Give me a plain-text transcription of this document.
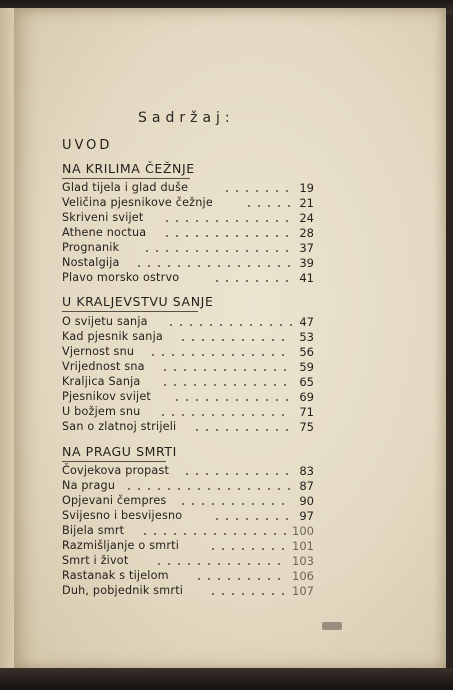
Sadržaj:
UVOD
NA KRILIMA ČEŽNJE
Glad tijela i glad duše	19
Veličina pjesnikove čežnje	21
Skriveni svijet	24
Athene noctua	28
Prognanik	37
Nostalgija	39
Plavo morsko ostrvo	41
U KRALJEVSTVU SANJE
O svijetu sanja	47
Kad pjesnik sanja	53
Vjernost snu	56
Vrijednost sna	59
Kraljica Sanja	65
Pjesnikov svijet	69
U božjem snu	71
San o zlatnoj strijeli	75
NA PRAGU SMRTI
Čovjekova propast	83
Na pragu	87
Opjevani čempres	90
Svijesno i besvijesno	97
Bijela smrt	100
Razmišljanje o smrti	101
Smrt i život	103
Rastanak s tijelom	106
Duh, pobjednik smrti	107
